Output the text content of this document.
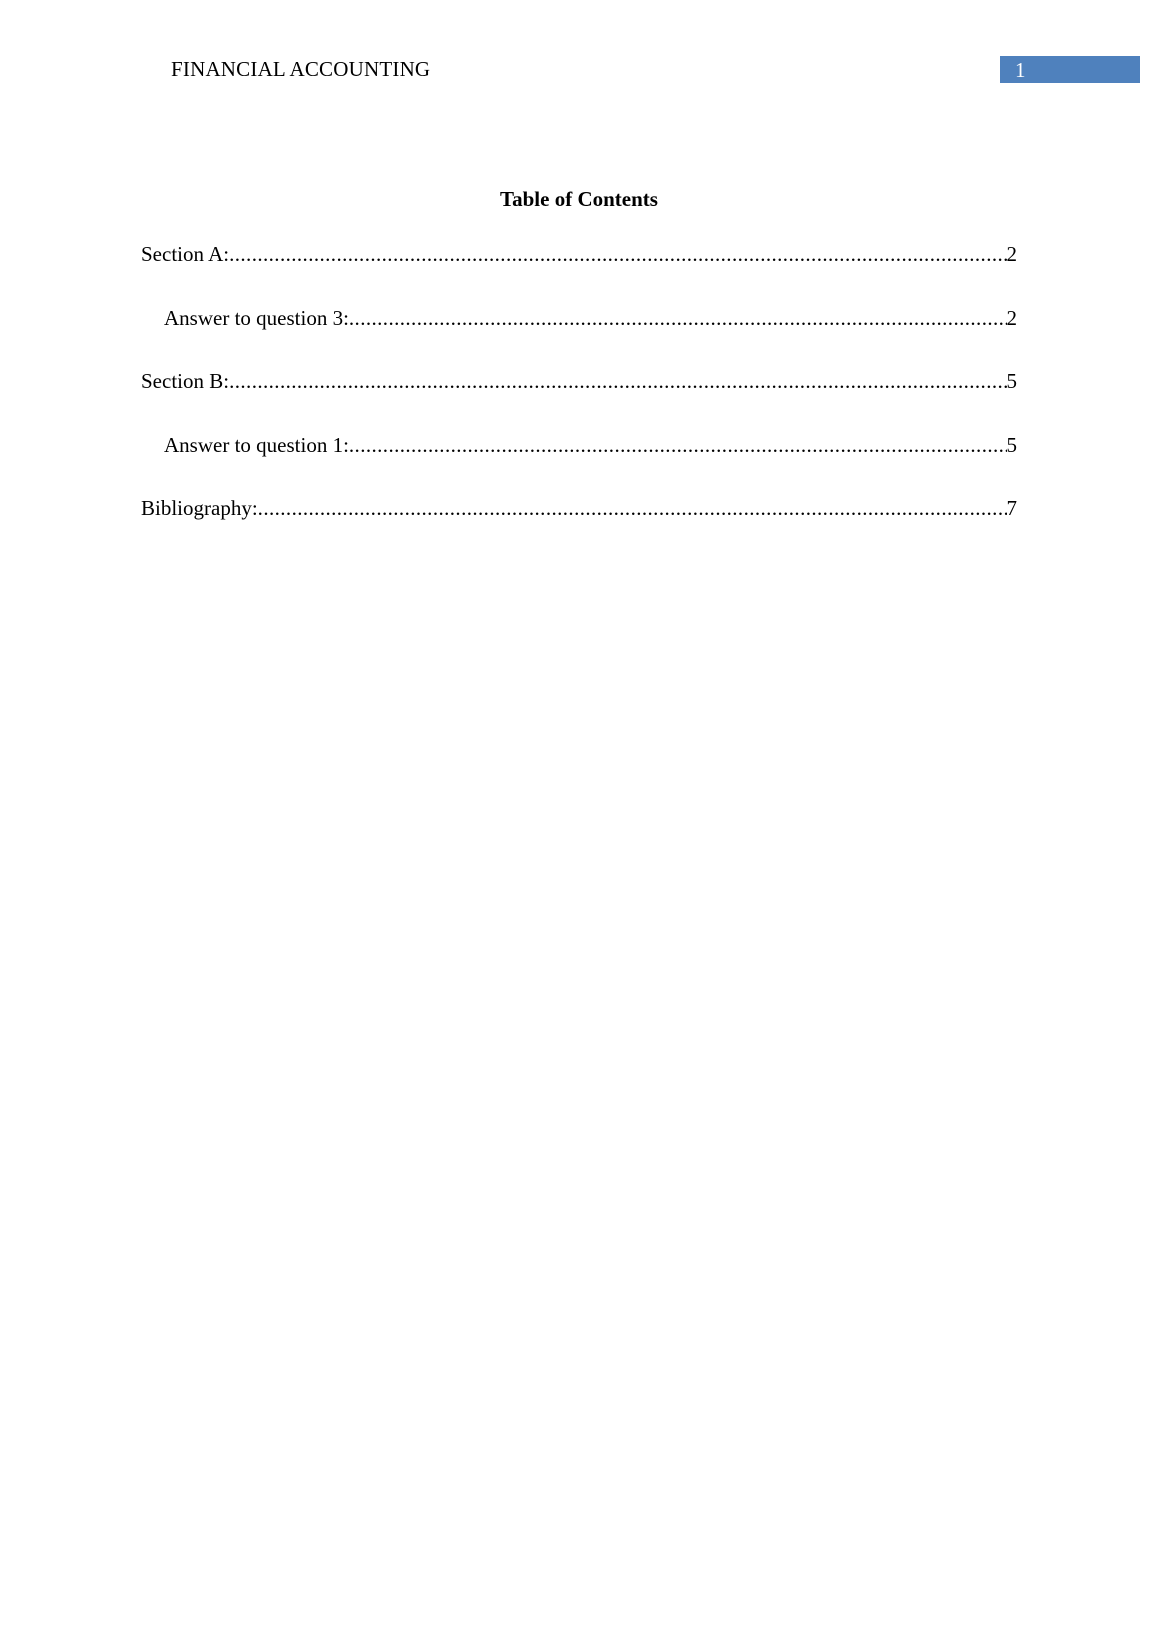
FINANCIAL ACCOUNTING	1
Table of Contents
Section A: .....	2
Answer to question 3: .....	2
Section B: .....	5
Answer to question 1: .....	5
Bibliography: .....	7
